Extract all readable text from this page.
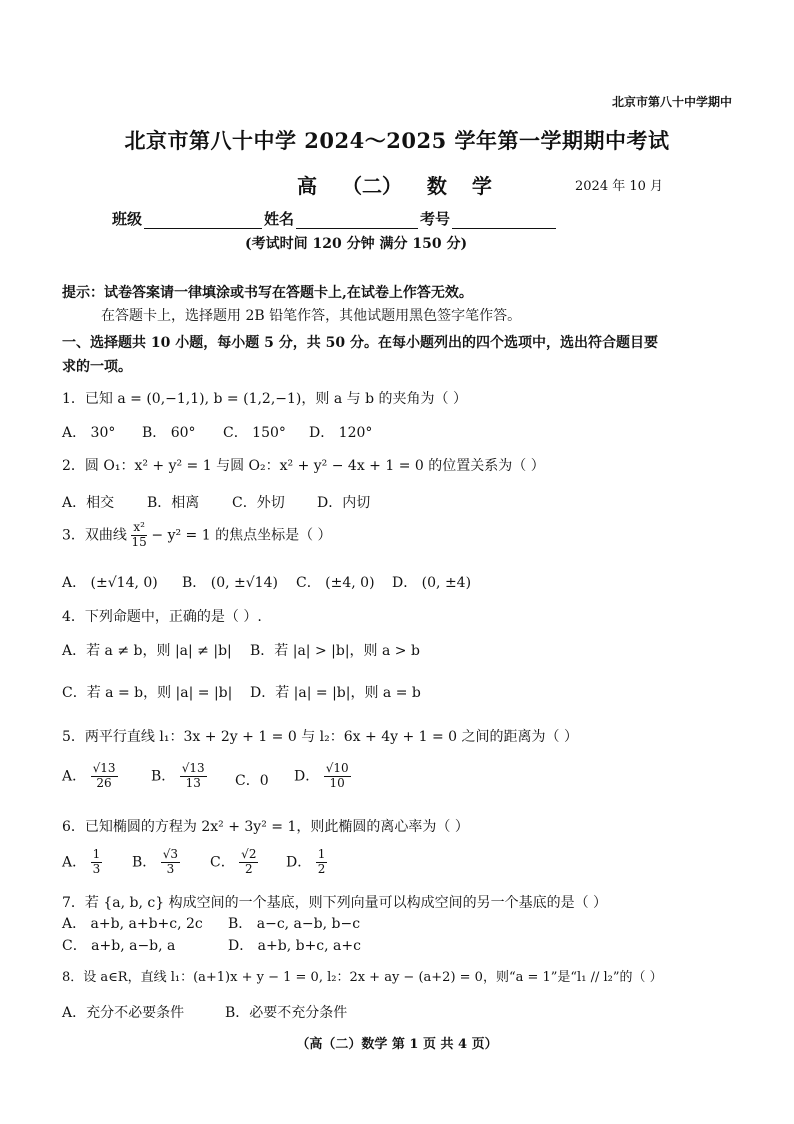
北京市第八十中学期中
北京市第八十中学 2024～2025 学年第一学期期中考试
高 （二） 数 学	2024 年 10 月
班级	姓名	考号
(考试时间 120 分钟 满分 150 分)
提示：试卷答案请一律填涂或书写在答题卡上,在试卷上作答无效。
在答题卡上，选择题用 2B 铅笔作答，其他试题用黑色签字笔作答。
一、选择题共 10 小题，每小题 5 分，共 50 分。在每小题列出的四个选项中，选出符合题目要
求的一项。
1．已知 a = (0,−1,1), b = (1,2,−1)，则 a 与 b 的夹角为（ ）
A． 30° B． 60° C． 150° D． 120°
2．圆 O₁：x² + y² = 1 与圆 O₂：x² + y² − 4x + 1 = 0 的位置关系为（ ）
A．相交 B．相离 C．外切 D．内切
3．双曲线 $\frac{\text{x²}}{15} - y^2 = 1$ 的焦点坐标是（ ）
A． (±√14, 0) B． (0, ±√14) C． (±4, 0) D． (0, ±4)
4．下列命题中，正确的是（ ）.
A．若 a ≠ b，则 |a| ≠ |b| B．若 |a| > |b|，则 a > b
C．若 a = b，则 |a| = |b| D．若 |a| = |b|，则 a = b
5．两平行直线 l₁：3x + 2y + 1 = 0 与 l₂：6x + 4y + 1 = 0 之间的距离为（ ）
A． $\frac{√13}{26}$ B． $\frac{√13}{13}$ C．0 D． $\frac{√10}{10}$
6．已知椭圆的方程为 2x² + 3y² = 1，则此椭圆的离心率为（ ）
A． $\frac{1}{3}$ B． $\frac{√3}{3}$ C． $\frac{√2}{2}$ D． $\frac{1}{2}$
7．若 {a, b, c} 构成空间的一个基底，则下列向量可以构成空间的另一个基底的是（ ）
A． a+b, a+b+c, 2c B． a−c, a−b, b−c
C． a+b, a−b, a	D． a+b, b+c, a+c
8．设 a∈R，直线 l₁：(a+1)x + y − 1 = 0, l₂：2x + ay − (a+2) = 0，则“a = 1”是“l₁ // l₂”的（ ）
A．充分不必要条件	B．必要不充分条件
（高（二）数学 第 1 页 共 4 页）
